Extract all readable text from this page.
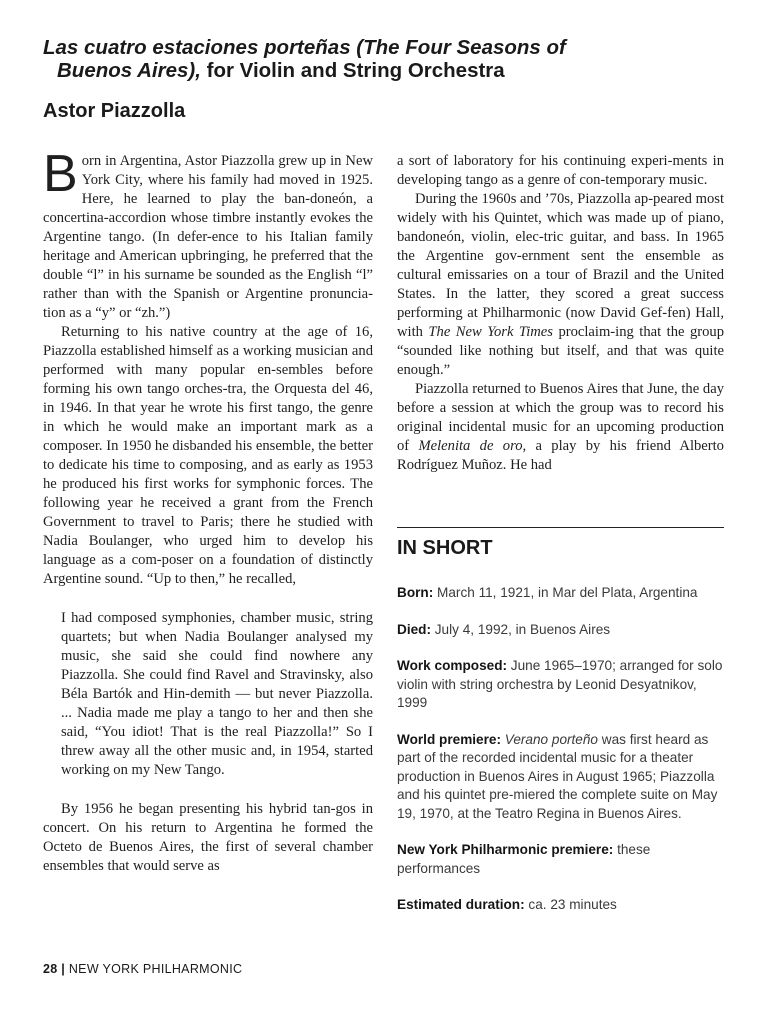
Las cuatro estaciones porteñas (The Four Seasons of
Buenos Aires), for Violin and String Orchestra
Astor Piazzolla

Born in Argentina, Astor Piazzolla grew up in New York City, where his family had moved in 1925. Here, he learned to play the ban-doneón, a concertina-accordion whose timbre instantly evokes the Argentine tango. (In defer-ence to his Italian family heritage and American upbringing, he preferred that the double “l” in his surname be sounded as the English “l” rather than with the Spanish or Argentine pronuncia-tion as a “y” or “zh.”)

Returning to his native country at the age of 16, Piazzolla established himself as a working musician and performed with many popular en-sembles before forming his own tango orches-tra, the Orquesta del 46, in 1946. In that year he wrote his first tango, the genre in which he would make an important mark as a composer. In 1950 he disbanded his ensemble, the better to dedicate his time to composing, and as early as 1953 he produced his first works for symphonic forces. The following year he received a grant from the French Government to travel to Paris; there he studied with Nadia Boulanger, who urged him to develop his language as a com-poser on a foundation of distinctly Argentine sound. “Up to then,” he recalled,

I had composed symphonies, chamber music, string quartets; but when Nadia Boulanger analysed my music, she said she could find nowhere any Piazzolla. She could find Ravel and Stravinsky, also Béla Bartók and Hin-demith — but never Piazzolla. ... Nadia made me play a tango to her and then she said, “You idiot! That is the real Piazzolla!” So I threw away all the other music and, in 1954, started working on my New Tango.

By 1956 he began presenting his hybrid tan-gos in concert. On his return to Argentina he formed the Octeto de Buenos Aires, the first of several chamber ensembles that would serve as

a sort of laboratory for his continuing experi-ments in developing tango as a genre of con-temporary music.

During the 1960s and ’70s, Piazzolla ap-peared most widely with his Quintet, which was made up of piano, bandoneón, violin, elec-tric guitar, and bass. In 1965 the Argentine gov-ernment sent the ensemble as cultural emissaries on a tour of Brazil and the United States. In the latter, they scored a great success performing at Philharmonic (now David Gef-fen) Hall, with The New York Times proclaim-ing that the group “sounded like nothing but itself, and that was quite enough.”

Piazzolla returned to Buenos Aires that June, the day before a session at which the group was to record his original incidental music for an upcoming production of Melenita de oro, a play by his friend Alberto Rodríguez Muñoz. He had

IN SHORT
Born: March 11, 1921, in Mar del Plata, Argentina
Died: July 4, 1992, in Buenos Aires
Work composed: June 1965–1970; arranged for solo violin with string orchestra by Leonid Desyatnikov, 1999
World premiere: Verano porteño was first heard as part of the recorded incidental music for a theater production in Buenos Aires in August 1965; Piazzolla and his quintet pre-miered the complete suite on May 19, 1970, at the Teatro Regina in Buenos Aires.
New York Philharmonic premiere: these performances
Estimated duration: ca. 23 minutes
28 | NEW YORK PHILHARMONIC
